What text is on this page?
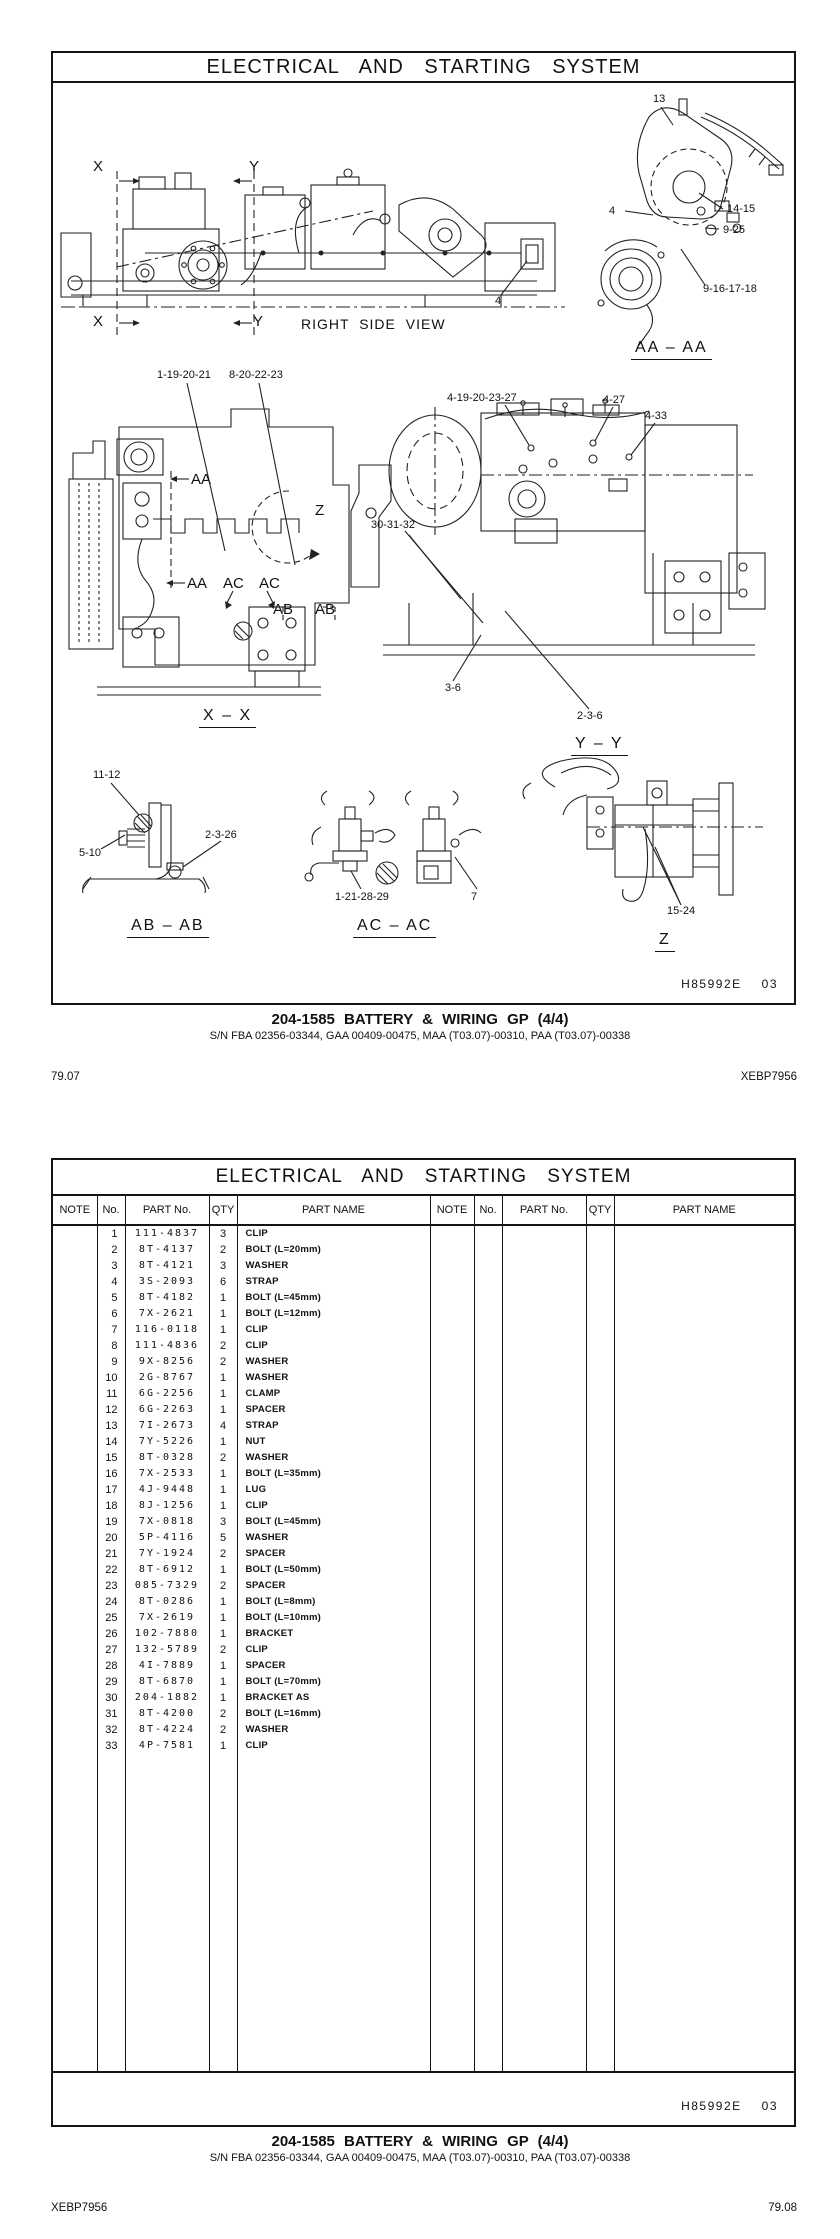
ELECTRICAL AND STARTING SYSTEM
X	Y
X	Y	RIGHT SIDE VIEW
4
13
4	14-15
9-25
9-16-17-18
AA – AA
1-19-20-21 8-20-22-23
AA
AA
Z
AC AC
AB AB
X – X
4-19-20-23-27	4-27
4-33
30-31-32
3-6
2-3-6
Y – Y
11-12
5-10
2-3-26
AB – AB
1-21-28-29	7
AC – AC
15-24
Z
H85992E 03
204-1585 BATTERY & WIRING GP (4/4)
S/N FBA 02356-03344, GAA 00409-00475, MAA (T03.07)-00310, PAA (T03.07)-00338
79.07	XEBP7956
ELECTRICAL AND STARTING SYSTEM
NOTE	No.	PART No.	QTY	PART NAME	NOTE	No.	PART No.	QTY	PART NAME
	1	111-4837	3	CLIP					
	2	8T-4137	2	BOLT (L=20mm)					
	3	8T-4121	3	WASHER					
	4	3S-2093	6	STRAP					
	5	8T-4182	1	BOLT (L=45mm)					
	6	7X-2621	1	BOLT (L=12mm)					
	7	116-0118	1	CLIP					
	8	111-4836	2	CLIP					
	9	9X-8256	2	WASHER					
	10	2G-8767	1	WASHER					
	11	6G-2256	1	CLAMP					
	12	6G-2263	1	SPACER					
	13	7I-2673	4	STRAP					
	14	7Y-5226	1	NUT					
	15	8T-0328	2	WASHER					
	16	7X-2533	1	BOLT (L=35mm)					
	17	4J-9448	1	LUG					
	18	8J-1256	1	CLIP					
	19	7X-0818	3	BOLT (L=45mm)					
	20	5P-4116	5	WASHER					
	21	7Y-1924	2	SPACER					
	22	8T-6912	1	BOLT (L=50mm)					
	23	085-7329	2	SPACER					
	24	8T-0286	1	BOLT (L=8mm)					
	25	7X-2619	1	BOLT (L=10mm)					
	26	102-7880	1	BRACKET					
	27	132-5789	2	CLIP					
	28	4I-7889	1	SPACER					
	29	8T-6870	1	BOLT (L=70mm)					
	30	204-1882	1	BRACKET AS					
	31	8T-4200	2	BOLT (L=16mm)					
	32	8T-4224	2	WASHER					
	33	4P-7581	1	CLIP					

H85992E 03
204-1585 BATTERY & WIRING GP (4/4)
S/N FBA 02356-03344, GAA 00409-00475, MAA (T03.07)-00310, PAA (T03.07)-00338
XEBP7956	79.08
